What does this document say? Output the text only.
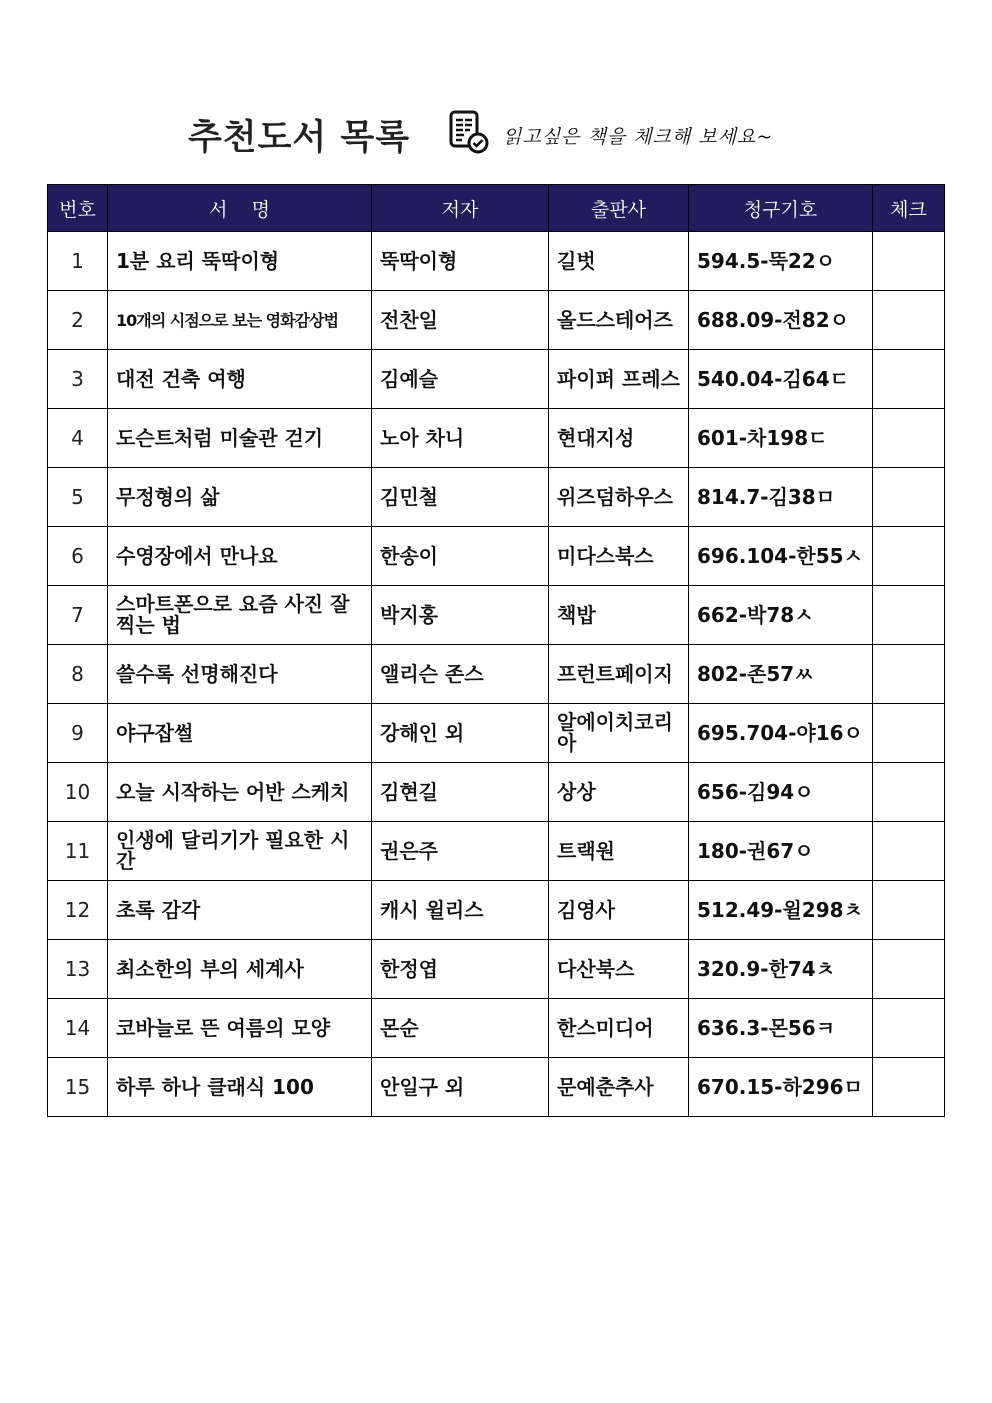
추천도서 목록	읽고싶은 책을 체크해 보세요~
번호	서    명	저자	출판사	청구기호	체크
1	1분 요리 뚝딱이형	뚝딱이형	길벗	594.5-뚝22ㅇ	
2	10개의 시점으로 보는 영화감상법	전찬일	올드스테어즈	688.09-전82ㅇ	
3	대전 건축 여행	김예슬	파이퍼 프레스	540.04-김64ㄷ	
4	도슨트처럼 미술관 걷기	노아 차니	현대지성	601-차198ㄷ	
5	무정형의 삶	김민철	위즈덤하우스	814.7-김38ㅁ	
6	수영장에서 만나요	한송이	미다스북스	696.104-한55ㅅ	
7	스마트폰으로 요즘 사진 잘 찍는 법	박지홍	책밥	662-박78ㅅ	
8	쓸수록 선명해진다	앨리슨 존스	프런트페이지	802-존57ㅆ	
9	야구잡썰	강해인 외	알에이치코리아	695.704-야16ㅇ	
10	오늘 시작하는 어반 스케치	김현길	상상	656-김94ㅇ	
11	인생에 달리기가 필요한 시간	권은주	트랙원	180-권67ㅇ	
12	초록 감각	캐시 윌리스	김영사	512.49-윌298ㅊ	
13	최소한의 부의 세계사	한정엽	다산북스	320.9-한74ㅊ	
14	코바늘로 뜬 여름의 모양	몬순	한스미디어	636.3-몬56ㅋ	
15	하루 하나 클래식 100	안일구 외	문예춘추사	670.15-하296ㅁ	
